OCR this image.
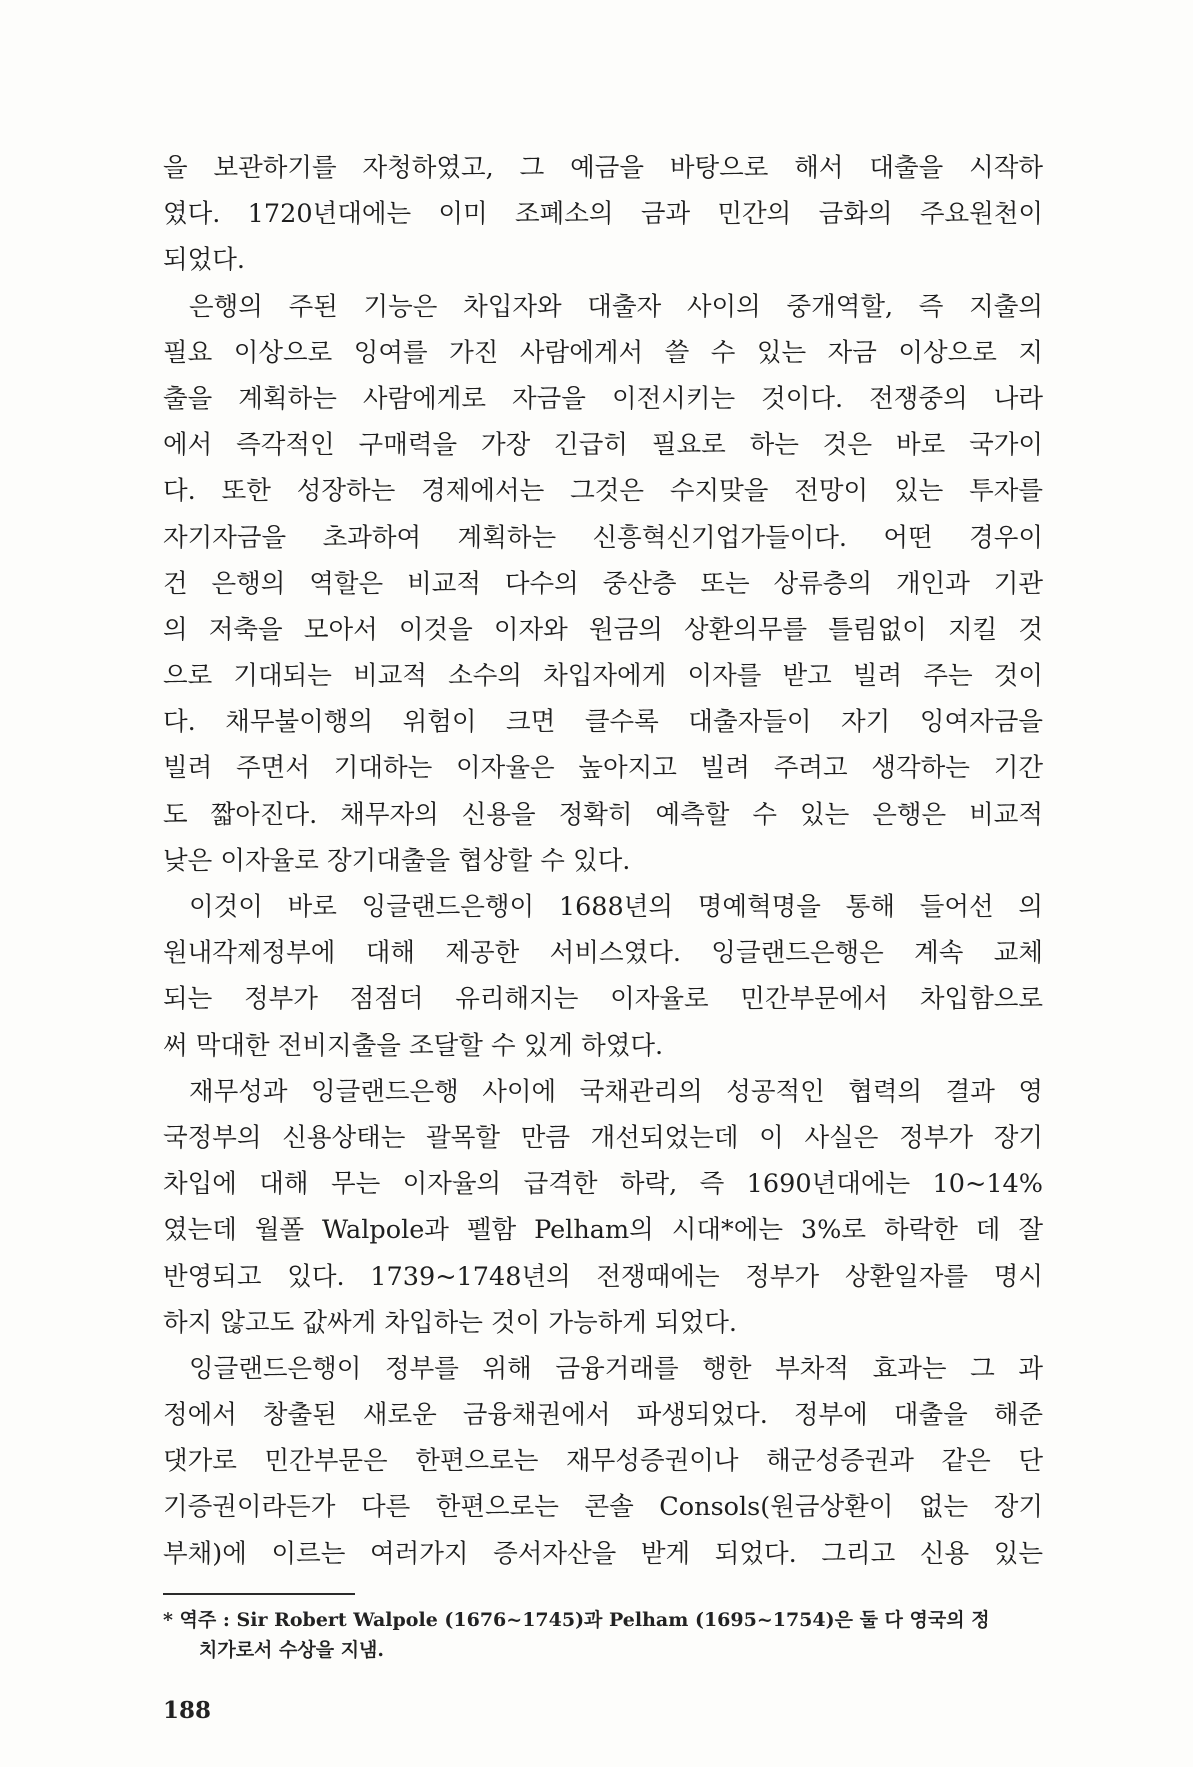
을 보관하기를 자청하였고, 그 예금을 바탕으로 해서 대출을 시작하
였다. 1720년대에는 이미 조폐소의 금과 민간의 금화의 주요원천이
되었다.
은행의 주된 기능은 차입자와 대출자 사이의 중개역할, 즉 지출의
필요 이상으로 잉여를 가진 사람에게서 쓸 수 있는 자금 이상으로 지
출을 계획하는 사람에게로 자금을 이전시키는 것이다. 전쟁중의 나라
에서 즉각적인 구매력을 가장 긴급히 필요로 하는 것은 바로 국가이
다. 또한 성장하는 경제에서는 그것은 수지맞을 전망이 있는 투자를
자기자금을 초과하여 계획하는 신흥혁신기업가들이다. 어떤 경우이
건 은행의 역할은 비교적 다수의 중산층 또는 상류층의 개인과 기관
의 저축을 모아서 이것을 이자와 원금의 상환의무를 틀림없이 지킬 것
으로 기대되는 비교적 소수의 차입자에게 이자를 받고 빌려 주는 것이
다. 채무불이행의 위험이 크면 클수록 대출자들이 자기 잉여자금을
빌려 주면서 기대하는 이자율은 높아지고 빌려 주려고 생각하는 기간
도 짧아진다. 채무자의 신용을 정확히 예측할 수 있는 은행은 비교적
낮은 이자율로 장기대출을 협상할 수 있다.
이것이 바로 잉글랜드은행이 1688년의 명예혁명을 통해 들어선 의
원내각제정부에 대해 제공한 서비스였다. 잉글랜드은행은 계속 교체
되는 정부가 점점더 유리해지는 이자율로 민간부문에서 차입함으로
써 막대한 전비지출을 조달할 수 있게 하였다.
재무성과 잉글랜드은행 사이에 국채관리의 성공적인 협력의 결과 영
국정부의 신용상태는 괄목할 만큼 개선되었는데 이 사실은 정부가 장기
차입에 대해 무는 이자율의 급격한 하락, 즉 1690년대에는 10~14%
였는데 월폴 Walpole과 펠함 Pelham의 시대*에는 3%로 하락한 데 잘
반영되고 있다. 1739~1748년의 전쟁때에는 정부가 상환일자를 명시
하지 않고도 값싸게 차입하는 것이 가능하게 되었다.
잉글랜드은행이 정부를 위해 금융거래를 행한 부차적 효과는 그 과
정에서 창출된 새로운 금융채권에서 파생되었다. 정부에 대출을 해준
댓가로 민간부문은 한편으로는 재무성증권이나 해군성증권과 같은 단
기증권이라든가 다른 한편으로는 콘솔 Consols(원금상환이 없는 장기
부채)에 이르는 여러가지 증서자산을 받게 되었다. 그리고 신용 있는
* 역주 : Sir Robert Walpole (1676~1745)과 Pelham (1695~1754)은 둘 다 영국의 정
치가로서 수상을 지냄.
188
